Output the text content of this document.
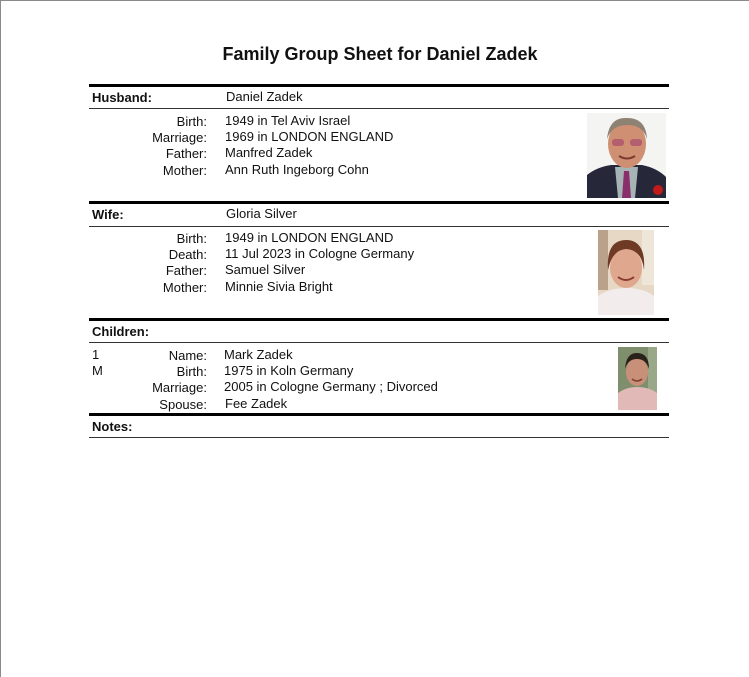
Family Group Sheet for Daniel Zadek
Husband:	Daniel Zadek
Birth: 1949 in Tel Aviv Israel
Marriage: 1969 in LONDON ENGLAND
Father: Manfred Zadek
Mother: Ann Ruth Ingeborg Cohn
Wife:	Gloria Silver
Birth: 1949 in LONDON ENGLAND
Death: 11 Jul 2023 in Cologne Germany
Father: Samuel Silver
Mother: Minnie Sivia Bright
Children:
1
M
Name: Mark Zadek
Birth: 1975 in Koln Germany
Marriage: 2005 in Cologne Germany ; Divorced
Spouse: Fee Zadek
Notes:
